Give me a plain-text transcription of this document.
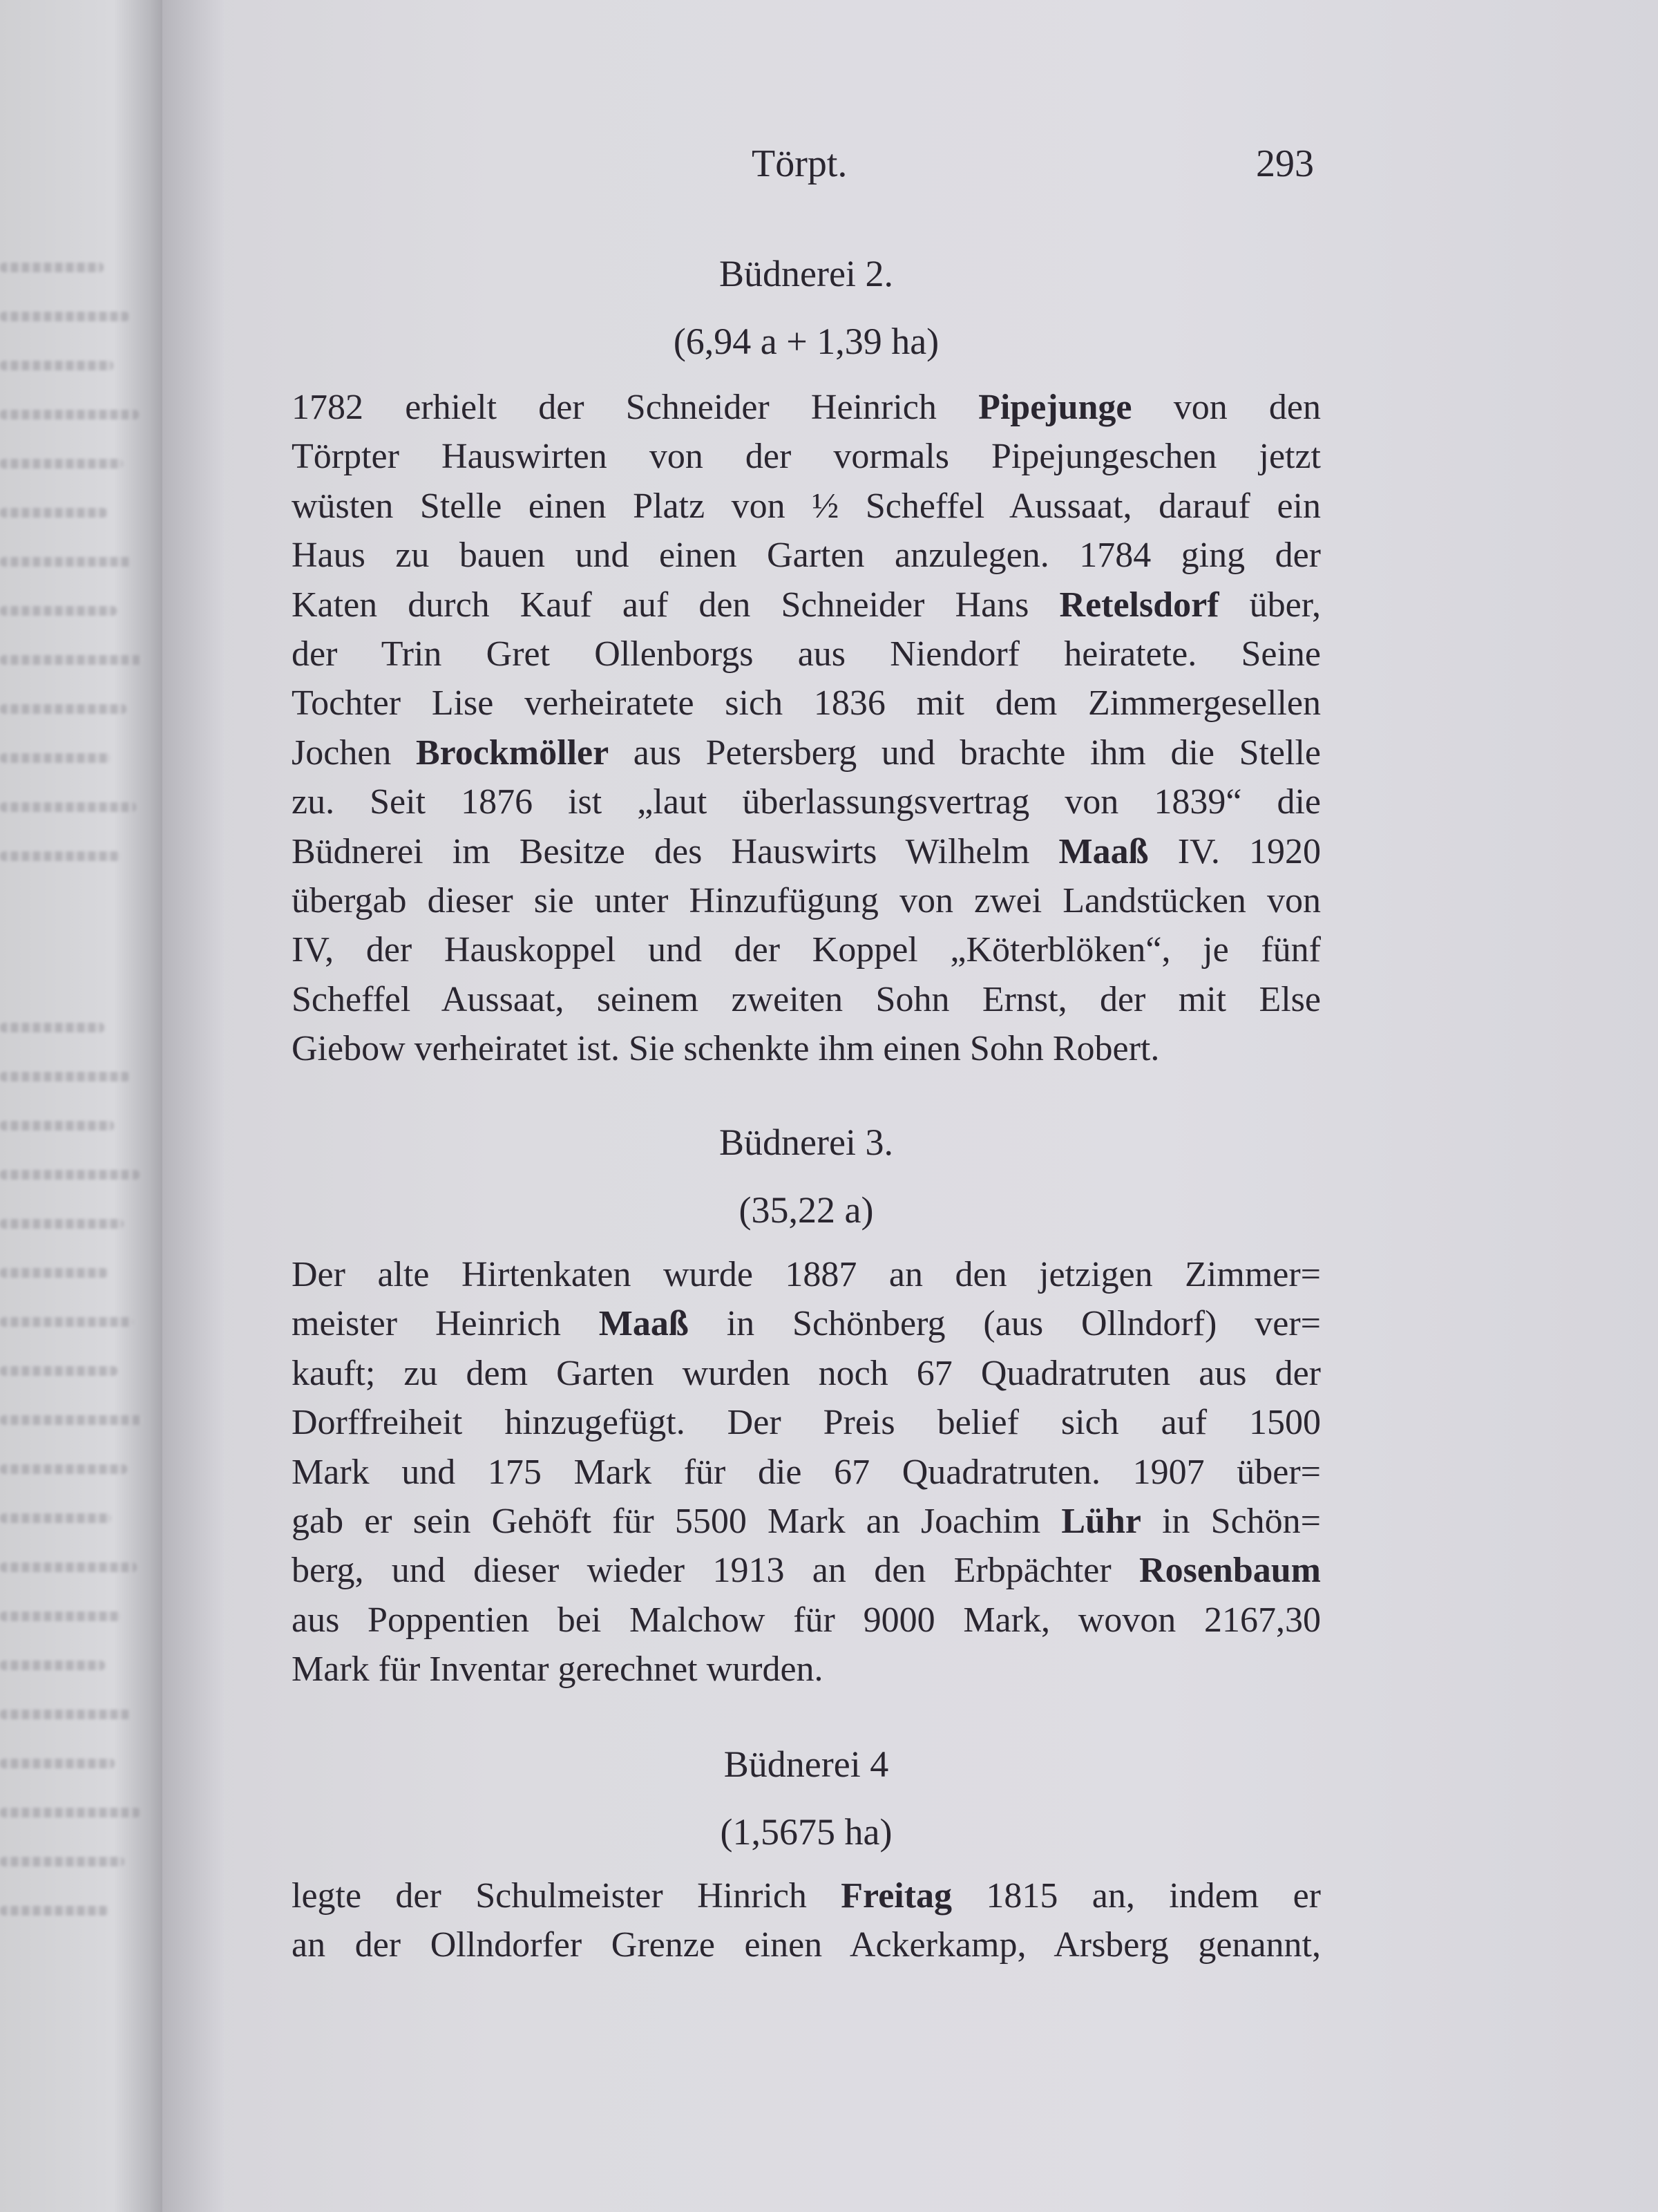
Törpt.	293
Büdnerei 2.
(6,94 a + 1,39 ha)
1782 erhielt der Schneider Heinrich Pipejunge von den
Törpter Hauswirten von der vormals Pipejungeschen jetzt
wüsten Stelle einen Platz von ½ Scheffel Aussaat, darauf ein
Haus zu bauen und einen Garten anzulegen. 1784 ging der
Katen durch Kauf auf den Schneider Hans Retelsdorf über,
der Trin Gret Ollenborgs aus Niendorf heiratete. Seine
Tochter Lise verheiratete sich 1836 mit dem Zimmergesellen
Jochen Brockmöller aus Petersberg und brachte ihm die Stelle
zu. Seit 1876 ist „laut überlassungsvertrag von 1839“ die
Büdnerei im Besitze des Hauswirts Wilhelm Maaß IV. 1920
übergab dieser sie unter Hinzufügung von zwei Landstücken von
IV, der Hauskoppel und der Koppel „Köterblöken“, je fünf
Scheffel Aussaat, seinem zweiten Sohn Ernst, der mit Else
Giebow verheiratet ist. Sie schenkte ihm einen Sohn Robert.
Büdnerei 3.
(35,22 a)
Der alte Hirtenkaten wurde 1887 an den jetzigen Zimmer=
meister Heinrich Maaß in Schönberg (aus Ollndorf) ver=
kauft; zu dem Garten wurden noch 67 Quadratruten aus der
Dorffreiheit hinzugefügt. Der Preis belief sich auf 1500
Mark und 175 Mark für die 67 Quadratruten. 1907 über=
gab er sein Gehöft für 5500 Mark an Joachim Lühr in Schön=
berg, und dieser wieder 1913 an den Erbpächter Rosenbaum
aus Poppentien bei Malchow für 9000 Mark, wovon 2167,30
Mark für Inventar gerechnet wurden.
Büdnerei 4
(1,5675 ha)
legte der Schulmeister Hinrich Freitag 1815 an, indem er
an der Ollndorfer Grenze einen Ackerkamp, Arsberg genannt,
